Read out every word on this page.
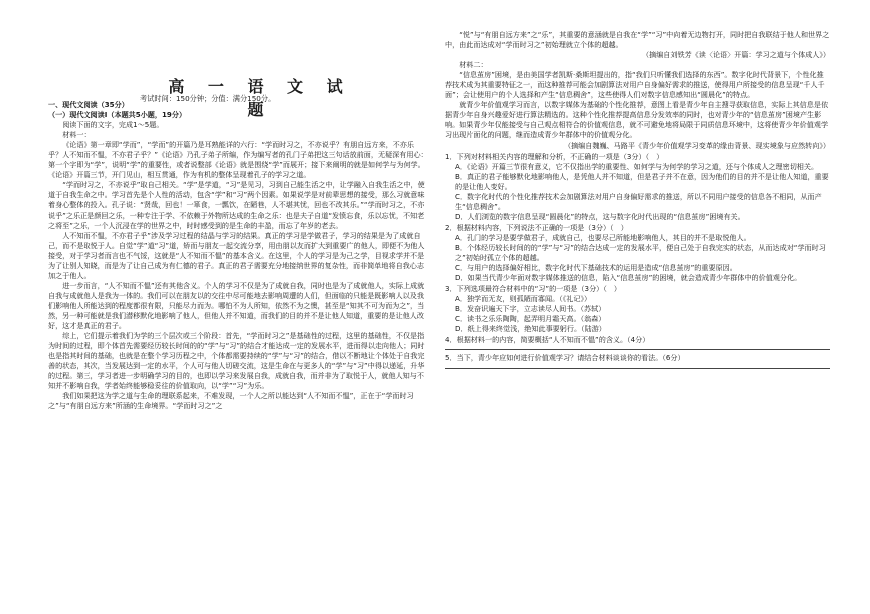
高 一 语 文 试 题
考试时间：150分钟；分值：满分150分。

一、现代文阅读（35分）

（一）现代文阅读Ⅰ（本题共5小题，19分）

阅读下面的文字，完成1～5题。

材料一：

《论语》第一章即“学而”，“学而”的开篇乃是耳熟能详的六行：“学而时习之，不亦说乎？有朋自远方来，不亦乐乎？人不知而不愠，不亦君子乎？”《论语》乃孔子弟子所编，作为编写者的孔门子弟把这三句话放前面，无疑深有用心：第一个字即为“学”，说明“学”的重要性，或者说整部《论语》就是围绕“学”而展开；接下来阐明的就是如何学与为何学。《论语》开篇三节，开门见山，相互贯通，作为有机的整体呈现着孔子的学习之道。

“学而时习之，不亦说乎”取自己相关。“学”是学道，“习”是见习，习到自己能生活之中，让学融入自我生活之中，使道于自我生命之中。学习首先是个人性的活动，包含“学”和“习”两个因素。如果说学是对前辈思想的接受，那么习就意味着身心整体的投入。孔子说：“贤哉，回也！一箪食，一瓢饮，在陋巷，人不堪其忧，回也不改其乐。”“学而时习之，不亦说乎”之乐正是颜回之乐，一种专注于学、不依赖于外物所达成的生命之乐：也是夫子自道“发愤忘食，乐以忘忧，不知老之将至”之乐，一个人沉浸在学的世界之中，时时感受到的是生命的丰盈，而忘了年岁的老去。

人不知而不愠，不亦君子乎”涉及学习过程的结晶与学习的结果。真正的学习是学做君子，学习的结果是为了成就自己，而不是取悦于人。自觉“学”道“习”道，矫而与朋友一起交流分享，用由朋以友而扩大到重要广的他人，即便不为他人接受，对于学习者而言也不气馁，这就是“人不知而不愠”的基本含义。在这里，个人的学习是为己之学，目视求学并不是为了让别人知晓，而是为了让自己成为有仁德的君子。真正的君子需要充分地接纳世界的复杂性，而非简单地将自我心志加之于他人。

进一步而言，“人不知而不愠”还有其他含义。个人的学习不仅是为了成就自我，同时也是为了成就他人，实际上成就自我与成就他人是我为一体的。我们可以在朋友以的交往中尽可能地去影响周遭的人们，但面临的只能是既影响人以及我们影响他人所能达到的程度都很有限，只能尽力而为。哪怕不为人所知，依然不为之懊，甚至是“知其不可为而为之”，当然，另一种可能就是我们潜移默化地影响了他人，但他人并不知道，而我们的目的并不是让他人知道，重要的是让他人改好，这才是真正的君子。

综上，它们提示着我们为学的三个层次或三个阶段：首先，“学而时习之”是基础性的过程，这里的基础性，不仅是指为时间的过程，即个体首先需要经历较长时间的的“学”与“习”的结合才能达成一定的发展水平，进而得以走向他人；同时也是指其时间的基础，也就是在整个学习历程之中，个体都需要持续的“学”与“习”的结合，借以不断地让个体处于自我完善的状态，其次，当发展达到一定的水平，个人可与他人切磋交流，这是生命在与更多人的“学”与“习”中得以递延，升华的过程。第三，学习者进一步明确学习的目的，也即以学习来发展自我，成就自我，而并非为了取悦于人，就他人知与不知并不影响自我，学者始终能够稳妥往的价值取向，以“学”“习”为乐。

我们如果把这为学之道与生命的理联系起来，不难发现，一个人之所以能达到“人不知而不愠”，正在于“学而时习之”与“有朋自远方来”所涵的生命境界。“学而时习之”之

“悦”与“有朋自远方来”之“乐”，其重要的意涵就是自我在“学”“习”中向着无边物打开，同时把自我联结于他人和世界之中，由此而达成对“学而时习之”初始理就立个体的超越。

（摘编自刘铁芳《读〈论语〉开篇：学习之道与个体成人》）

材料二：

“信息茧房”困境，是由美国学者凯斯·桑斯坦提出的，指“我们只听懂我们选择的东西”。数字化时代背景下，个性化推荐技术成为其重要特征之一，而这种推荐可能会加剧算法对用户自身偏好需求的推送，使得用户所接受的信息呈现“千人千面”；会让使用户的个人选择和产生“信息稠舍”，这些使得人们对数字信息感知出“圆晨化”的特点。

就青少年价值观学习而言，以数字媒体为基础的个性化推荐，意图上看是青少年自主搜寻获取信息，实际上其信息是依据青少年自身兴趣爱好进行算法精选的。这种个性化推荐提高信息分发效率的同时，也对青少年的“信息茧房”困境产生影响。如果青少年仅能接受与自己观点相符合的价值观信息，就不可避免地将局限于同质信息环境中，这将使青少年价值观学习出现片面化的问题，继而造成青少年群体中的价值观分化。

（摘编自魏巍、马路平《青少年价值观学习变革的缘由背景、现实境象与应然转向》）

1．下列对材料相关内容的理解和分析，不正确的一项是（3分）（　）

A．《论语》开篇三节很有意义，它不仅指出学的重要性、如何学与为何学的学习之道，还与个体成人之理密切相关。

B．真正的君子能够默化地影响他人，是凭他人并不知道，但是君子并不在意，因为他们的目的并不是让他人知道，重要的是让他人变好。

C．数字化时代的个性化推荐技术会加剧算法对用户自身偏好需求的推送，所以不同用户接受的信息各不相同，从而产生“信息稠舍”。

D．人们浏览的数字信息呈现“圆晨化”的特点，这与数字化时代出现的“信息茧房”困境有关。

2．根据材料内容，下列说法不正确的一项是（3分）（　）

A．孔门的学习是要学做君子，成就自己，也要尽己所能地影响他人，其目的并不是取悦他人。

B．个体经历较长时间的的“学”与“习”的结合达成一定的发展水平，便自己处于自我完实的状态，从而达成对“学而时习之”初始时孤立个体的超越。

C．与用户的选择偏好相比，数字化时代下基础技术的运用是造成“信息茧房”的重要原因。

D．如果当代青少年面对数字媒体推送的信息，陷入“信息茧房”的困境，就会造成青少年群体中的价值观分化。

3．下列选项最符合材料中的“习”的一项是（3分）（　）

A．独学而无友，则孤陋而寡闻。（《礼记》）

B．发奋识遍天下字，立志读尽人间书。（苏轼）

C．读书之乐乐陶陶，起弄明月霜天高。（翁森）

D．纸上得来终觉浅，绝知此事要躬行。（陆游）

4．根据材料一的内容，简要概括“人不知而不愠”的含义。（4分）

5．当下，青少年应如何进行价值观学习？请结合材料谈谈你的看法。（6分）
